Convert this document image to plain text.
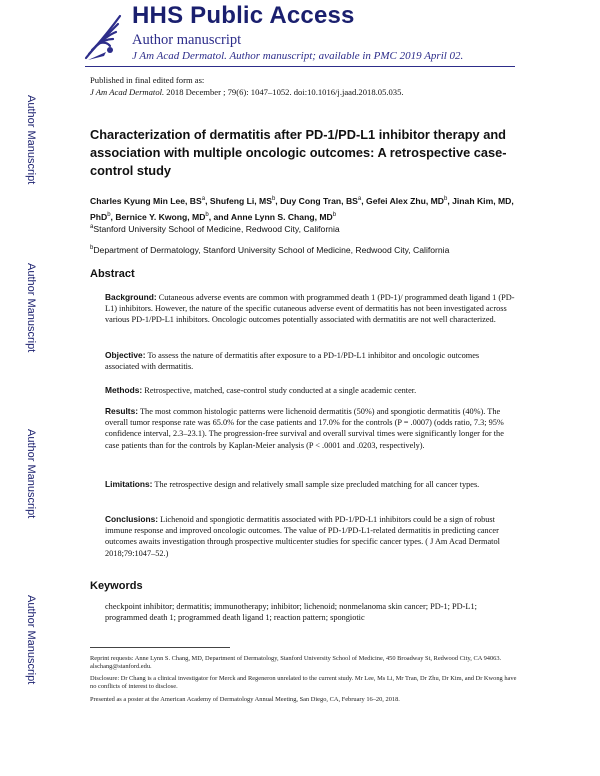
HHS Public Access
Author manuscript
J Am Acad Dermatol. Author manuscript; available in PMC 2019 April 02.
Published in final edited form as:
J Am Acad Dermatol. 2018 December ; 79(6): 1047–1052. doi:10.1016/j.jaad.2018.05.035.
Author Manuscript
Author Manuscript
Author Manuscript
Author Manuscript
Characterization of dermatitis after PD-1/PD-L1 inhibitor therapy and association with multiple oncologic outcomes: A retrospective case-control study
Charles Kyung Min Lee, $BS^a$, Shufeng Li, $MS^b$, Duy Cong Tran, $BS^a$, Gefei Alex Zhu, $MD^b$, Jinah Kim, MD, PhD$^b$, Bernice Y. Kwong, $MD^b$, and Anne Lynn S. Chang, $MD^b$
$^a$Stanford University School of Medicine, Redwood City, California
$^b$Department of Dermatology, Stanford University School of Medicine, Redwood City, California
Abstract
Background: Cutaneous adverse events are common with programmed death 1 (PD-1)/ programmed death ligand 1 (PD-L1) inhibitors. However, the nature of the specific cutaneous adverse event of dermatitis has not been investigated across various PD-1/PD-L1 inhibitors. Oncologic outcomes potentially associated with dermatitis are not well characterized.
Objective: To assess the nature of dermatitis after exposure to a PD-1/PD-L1 inhibitor and oncologic outcomes associated with dermatitis.
Methods: Retrospective, matched, case-control study conducted at a single academic center.
Results: The most common histologic patterns were lichenoid dermatitis (50%) and spongiotic dermatitis (40%). The overall tumor response rate was 65.0% for the case patients and 17.0% for the controls (P = .0007) (odds ratio, 7.3; 95% confidence interval, 2.3–23.1). The progression-free survival and overall survival times were significantly longer for the case patients than for the controls by Kaplan-Meier analysis (P < .0001 and .0203, respectively).
Limitations: The retrospective design and relatively small sample size precluded matching for all cancer types.
Conclusions: Lichenoid and spongiotic dermatitis associated with PD-1/PD-L1 inhibitors could be a sign of robust immune response and improved oncologic outcomes. The value of PD-1/PD-L1-related dermatitis in predicting cancer outcomes awaits investigation through prospective multicenter studies for specific cancer types. ( J Am Acad Dermatol 2018;79:1047–52.)
Keywords
checkpoint inhibitor; dermatitis; immunotherapy; inhibitor; lichenoid; nonmelanoma skin cancer; PD-1; PD-L1; programmed death 1; programmed death ligand 1; reaction pattern; spongiotic
Reprint requests: Anne Lynn S. Chang, MD, Department of Dermatology, Stanford University School of Medicine, 450 Broadway St, Redwood City, CA 94063. alschang@stanford.edu.
Disclosure: Dr Chang is a clinical investigator for Merck and Regeneron unrelated to the current study. Mr Lee, Ms Li, Mr Tran, Dr Zhu, Dr Kim, and Dr Kwong have no conflicts of interest to disclose.
Presented as a poster at the American Academy of Dermatology Annual Meeting, San Diego, CA, February 16–20, 2018.
